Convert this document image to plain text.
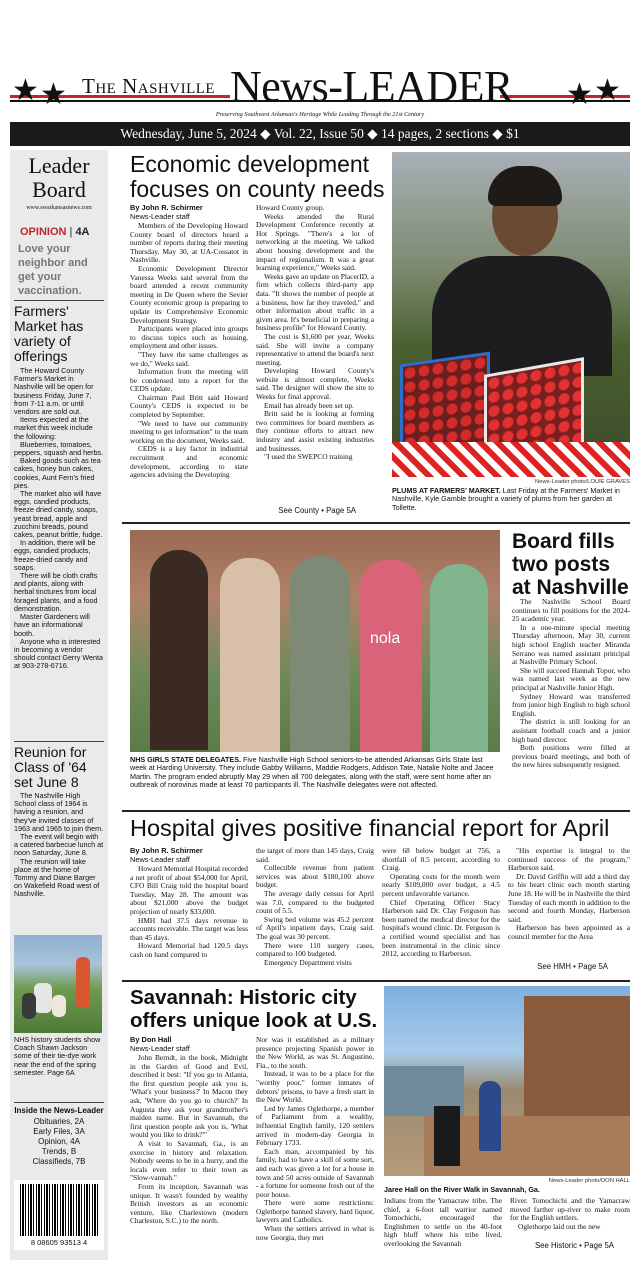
★ ★	★ ★
The Nashville News-LEADER
Preserving Southwest Arkansas's Heritage While Leading Through the 21st Century
Wednesday, June 5, 2024 ◆ Vol. 22, Issue 50 ◆ 14 pages, 2 sections ◆ $1
Leader Board
www.swarkansasnews.com
OPINION | 4A
Love your neighbor and get your vaccination.
Farmers' Market has variety of offerings
The Howard County Farmer's Market in Nashville will be open for business Friday, June 7, from 7-11 a.m. or until vendors are sold out.
Items expected at the market this week include the following:
Blueberries, tomatoes, peppers, squash and herbs.
Baked goods such as tea cakes, honey bun cakes, cookies, Aunt Fern's fried pies.
The market also will have eggs, candied products, freeze dried candy, soaps, yeast bread, apple and zucchini breads, pound cakes, peanut brittle, fudge.
In addition, there will be eggs, candied products, freeze-dried candy and soaps.
There will be cloth crafts and plants, along with herbal tinctures from local foraged plants, and a food demonstration.
Master Gardeners will have an informational booth.
Anyone who is interested in becoming a vendor should contact Gerry Wenta at 903-278-6716.
Reunion for Class of '64 set June 8
The Nashville High School class of 1964 is having a reunion, and they've invited classes of 1963 and 1965 to join them.
The event will begin with a catered barbecue lunch at noon Saturday, June 8.
The reunion will take place at the home of Tommy and Diane Barger on Wakefield Road west of Nashville.
NHS history students show Coach Shawn Jackson some of their tie-dye work near the end of the spring semester. Page 6A
Inside the News-Leader
Obituaries, 2A
Early Files, 3A
Opinion, 4A
Trends, B
Classifieds, 7B
8 08605 93513 4
Economic development focuses on county needs
By John R. Schirmer
News-Leader staff

Members of the Developing Howard County board of directors heard a number of reports during their meeting Thursday, May 30, at UA-Cossatot in Nashville.

Economic Development Director Vanessa Weeks said several from the board attended a recent community meeting in De Queen where the Sevier County economic group is preparing to update its Comprehensive Economic Development Strategy.

Participants were placed into groups to discuss topics such as housing, employment and other issues.

"They have the same challenges as we do," Weeks said.

Information from the meeting will be condensed into a report for the CEDS update.

Chairman Paul Britt said Howard County's CEDS is expected to be completed by September.

"We need to have our community meeting to get information" to the team working on the document, Weeks said.

CEDS is a key factor in industrial recruitment and economic development, according to state agencies advising the Developing

Howard County group.

Weeks attended the Rural Development Conference recently at Hot Springs. "There's a lot of networking at the meeting. We talked about housing development and the impact of regionalism. It was a great learning experience," Weeks said.

Weeks gave an update on PlacerID, a firm which collects third-party app data. "It shows the number of people at a business, how far they traveled," and other information about traffic in a given area. It's beneficial in preparing a business profile" for Howard County.

The cost is $1,600 per year, Weeks said. She will invite a company representative to attend the board's next meeting.

Developing Howard County's website is almost complete, Weeks said. The designer will show the site to Weeks for final approval.

Email has already been set up.

Britt said he is looking at forming two committees for board members as they continue efforts to attract new industry and assist existing industries and businesses.

"I used the SWEPCO training

See County • Page 5A
News-Leader photo/LOUIE GRAVES
PLUMS AT FARMERS' MARKET. Last Friday at the Farmers' Market in Nashville, Kyle Gamble brought a variety of plums from her garden at Tollette.
nola
NHS GIRLS STATE DELEGATES. Five Nashville High School seniors-to-be attended Arkansas Girls State last week at Harding University. They include Gabby Williams, Maddie Rodgers, Addison Tate, Natalie Nolte and Jacee Martin. The program ended abruptly May 29 when all 700 delegates, along with the staff, were sent home after an outbreak of norovirus made at least 70 participants ill. The Nashville delegates were not affected.
Board fills two posts at Nashville

The Nashville School Board continues to fill positions for the 2024-25 academic year.

In a one-minute special meeting Thursday afternoon, May 30, current high school English teacher Miranda Serrano was named assistant principal at Nashville Primary School.

She will succeed Hannah Topor, who was named last week as the new principal at Nashville Junior High.

Sydney Howard was transferred from junior high English to high school English.

The district is still looking for an assistant football coach and a junior high band director.

Both positions were filled at previous board meetings, and both of the new hires subsequently resigned.

Hospital gives positive financial report for April
By John R. Schirmer
News-Leader staff

Howard Memorial Hospital recorded a net profit of about $54,000 for April, CFO Bill Craig told the hospital board Tuesday, May 28. The amount was about $21,000 above the budget projection of nearly $33,000.

HMH had 37.5 days revenue in accounts receivable. The target was less than 45 days.

Howard Memorial had 120.5 days cash on hand compared to

the target of more than 145 days, Craig said.

Collectible revenue from patient services was about $180,100 above budget.

The average daily census for April was 7.0, compared to the budgeted count of 5.5.

Swing bed volume was 45.2 percent of April's inpatient days, Craig said. The goal was 30 percent.

There were 110 surgery cases, compared to 100 budgeted.

Emergency Department visits

were 68 below budget at 756, a shortfall of 8.5 percent, according to Craig.

Operating costs for the month were nearly $109,000 over budget, a 4.5 percent unfavorable variance.

Chief Operating Officer Stacy Harberson said Dr. Clay Ferguson has been named the medical director for the hospital's wound clinic. Dr. Ferguson is a certified wound specialist and has been instrumental in the clinic since 2012, according to Harberson.

"His expertise is integral to the continued success of the program," Harberson said.

Dr. David Griffin will add a third day to his heart clinic each month starting June 18. He will be in Nashville the third Tuesday of each month in addition to the second and fourth Monday, Harberson said.

Harberson has been appointed as a council member for the Area

See HMH • Page 5A
Savannah: Historic city offers unique look at U.S.
By Don Hall
News-Leader staff

John Berndt, in the book, Midnight in the Garden of Good and Evil, described it best: "If you go to Atlanta, the first question people ask you is, 'What's your business?' In Macon they ask, 'Where do you go to church?' In Augusta they ask your grandmother's maiden name. But in Savannah, the first question people ask you is, 'What would you like to drink?'"

A visit to Savannah, Ga., is an exercise in history and relaxation. Nobody seems to be in a hurry, and the locals even refer to their town as "Slow-vannah."

From its inception, Savannah was unique. It wasn't founded by wealthy British investors as an economic venture, like Charlestown (modern Charleston, S.C.) to the north.

Nor was it established as a military presence projecting Spanish power in the New World, as was St. Augustine, Fla., to the south.

Instead, it was to be a place for the "worthy poor," former inmates of debtors' prisons, to have a fresh start in the New World.

Led by James Oglethorpe, a member of Parliament from a wealthy, influential English family, 120 settlers arrived in modern-day Georgia in February 1733.

Each man, accompanied by his family, had to have a skill of some sort, and each was given a lot for a house in town and 50 acres outside of Savannah - a fortune for someone fresh out of the poor house.

There were some restrictions: Oglethorpe banned slavery, hard liquor, lawyers and Catholics.

When the settlers arrived in what is now Georgia, they met

News-Leader photo/DON HALL
Jaree Hall on the River Walk in Savannah, Ga.

Indians from the Yamacraw tribe. The chief, a 6-foot tall warrior named Tomochichi, encouraged the Englishmen to settle on the 40-foot high bluff where his tribe lived, overlooking the Savannah

River. Tomochichi and the Yamacraw moved farther up-river to make room for the English settlers.

Oglethorpe laid out the new

See Historic • Page 5A
